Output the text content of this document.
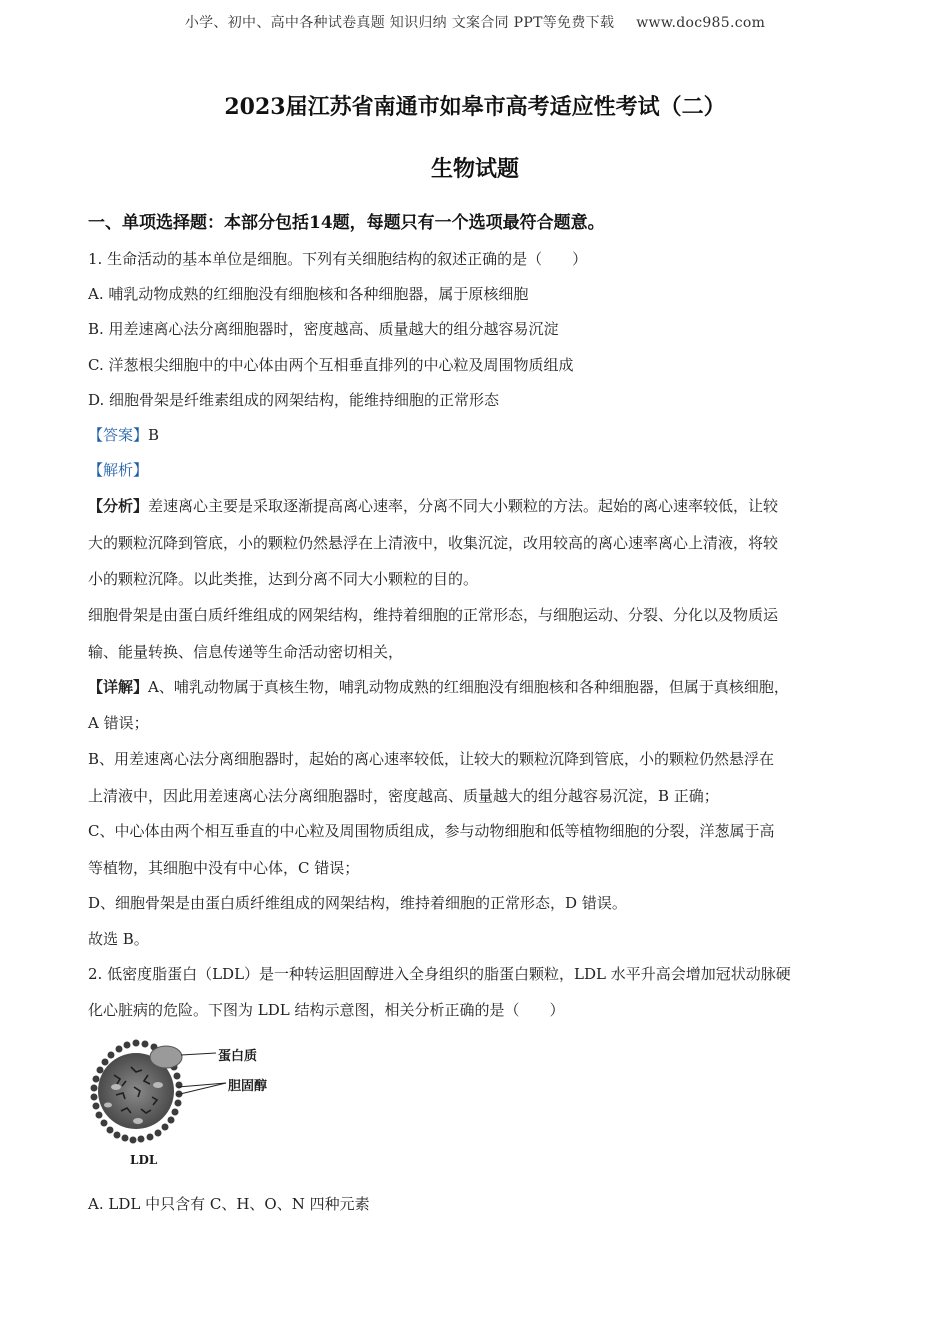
小学、初中、高中各种试卷真题 知识归纳 文案合同 PPT等免费下载 www.doc985.com
2023届江苏省南通市如皋市高考适应性考试（二）
生物试题
一、单项选择题：本部分包括14题，每题只有一个选项最符合题意。
1. 生命活动的基本单位是细胞。下列有关细胞结构的叙述正确的是（　　）
A. 哺乳动物成熟的红细胞没有细胞核和各种细胞器，属于原核细胞
B. 用差速离心法分离细胞器时，密度越高、质量越大的组分越容易沉淀
C. 洋葱根尖细胞中的中心体由两个互相垂直排列的中心粒及周围物质组成
D. 细胞骨架是纤维素组成的网架结构，能维持细胞的正常形态
【答案】B
【解析】
【分析】差速离心主要是采取逐渐提高离心速率，分离不同大小颗粒的方法。起始的离心速率较低，让较
大的颗粒沉降到管底，小的颗粒仍然悬浮在上清液中，收集沉淀，改用较高的离心速率离心上清液，将较
小的颗粒沉降。以此类推，达到分离不同大小颗粒的目的。
细胞骨架是由蛋白质纤维组成的网架结构，维持着细胞的正常形态，与细胞运动、分裂、分化以及物质运
输、能量转换、信息传递等生命活动密切相关，
【详解】A、哺乳动物属于真核生物，哺乳动物成熟的红细胞没有细胞核和各种细胞器，但属于真核细胞，
A 错误；
B、用差速离心法分离细胞器时，起始的离心速率较低，让较大的颗粒沉降到管底，小的颗粒仍然悬浮在
上清液中，因此用差速离心法分离细胞器时，密度越高、质量越大的组分越容易沉淀，B 正确；
C、中心体由两个相互垂直的中心粒及周围物质组成，参与动物细胞和低等植物细胞的分裂，洋葱属于高
等植物，其细胞中没有中心体，C 错误；
D、细胞骨架是由蛋白质纤维组成的网架结构，维持着细胞的正常形态，D 错误。
故选 B。
2. 低密度脂蛋白（LDL）是一种转运胆固醇进入全身组织的脂蛋白颗粒，LDL 水平升高会增加冠状动脉硬
化心脏病的危险。下图为 LDL 结构示意图，相关分析正确的是（　　）
蛋白质
胆固醇
LDL
A. LDL 中只含有 C、H、O、N 四种元素
